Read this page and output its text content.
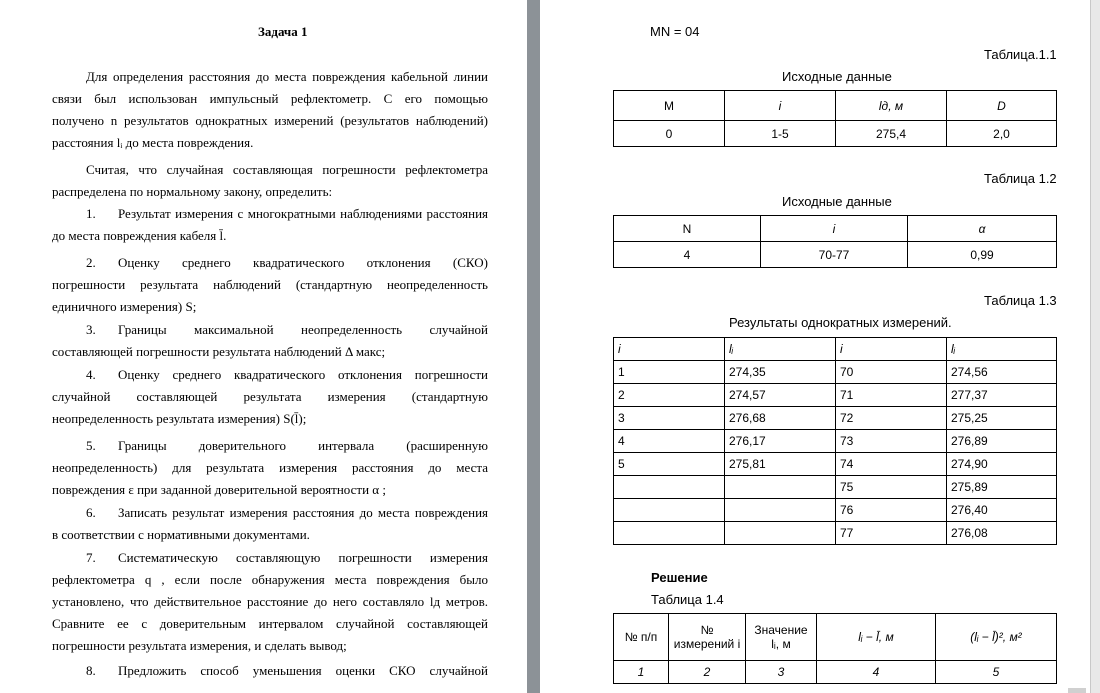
Задача 1
Для определения расстояния до места повреждения кабельной линии
связи был использован импульсный рефлектометр. С его помощью
получено n результатов однократных измерений (результатов наблюдений)
расстояния lᵢ до места повреждения.
Считая, что случайная составляющая погрешности рефлектометра
распределена по нормальному закону, определить:
1. Результат измерения с многократными наблюдениями расстояния
до места повреждения кабеля l̄.
2. Оценку среднего квадратического отклонения (СКО)
погрешности результата наблюдений (стандартную неопределенность
единичного измерения) S;
3. Границы максимальной неопределенность случайной
составляющей погрешности результата наблюдений Δ макс;
4. Оценку среднего квадратического отклонения погрешности
случайной составляющей результата измерения (стандартную
неопределенность результата измерения) S(l̄);
5. Границы доверительного интервала (расширенную
неопределенность) для результата измерения расстояния до места
повреждения ε при заданной доверительной вероятности α ;
6. Записать результат измерения расстояния до места повреждения
в соответствии с нормативными документами.
7. Систематическую составляющую погрешности измерения
рефлектометра q , если после обнаружения места повреждения было
установлено, что действительное расстояние до него составляло lд метров.
Сравните ее с доверительным интервалом случайной составляющей
погрешности результата измерения, и сделать вывод;
8. Предложить способ уменьшения оценки СКО случайной
MN = 04
Таблица.1.1
Исходные данные
M	i	lд, м	D
0	1-5	275,4	2,0
Таблица 1.2
Исходные данные
N	i	α
4	70-77	0,99
Таблица 1.3
Результаты однократных измерений.
i	lᵢ	i	lᵢ
1	274,35	70	274,56
2	274,57	71	277,37
3	276,68	72	275,25
4	276,17	73	276,89
5	275,81	74	274,90
		75	275,89
		76	276,40
		77	276,08
Решение
Таблица 1.4
№ п/п	№ измерений i	Значение lᵢ, м	lᵢ − l̄, м	(lᵢ − l̄)², м²
1	2	3	4	5
